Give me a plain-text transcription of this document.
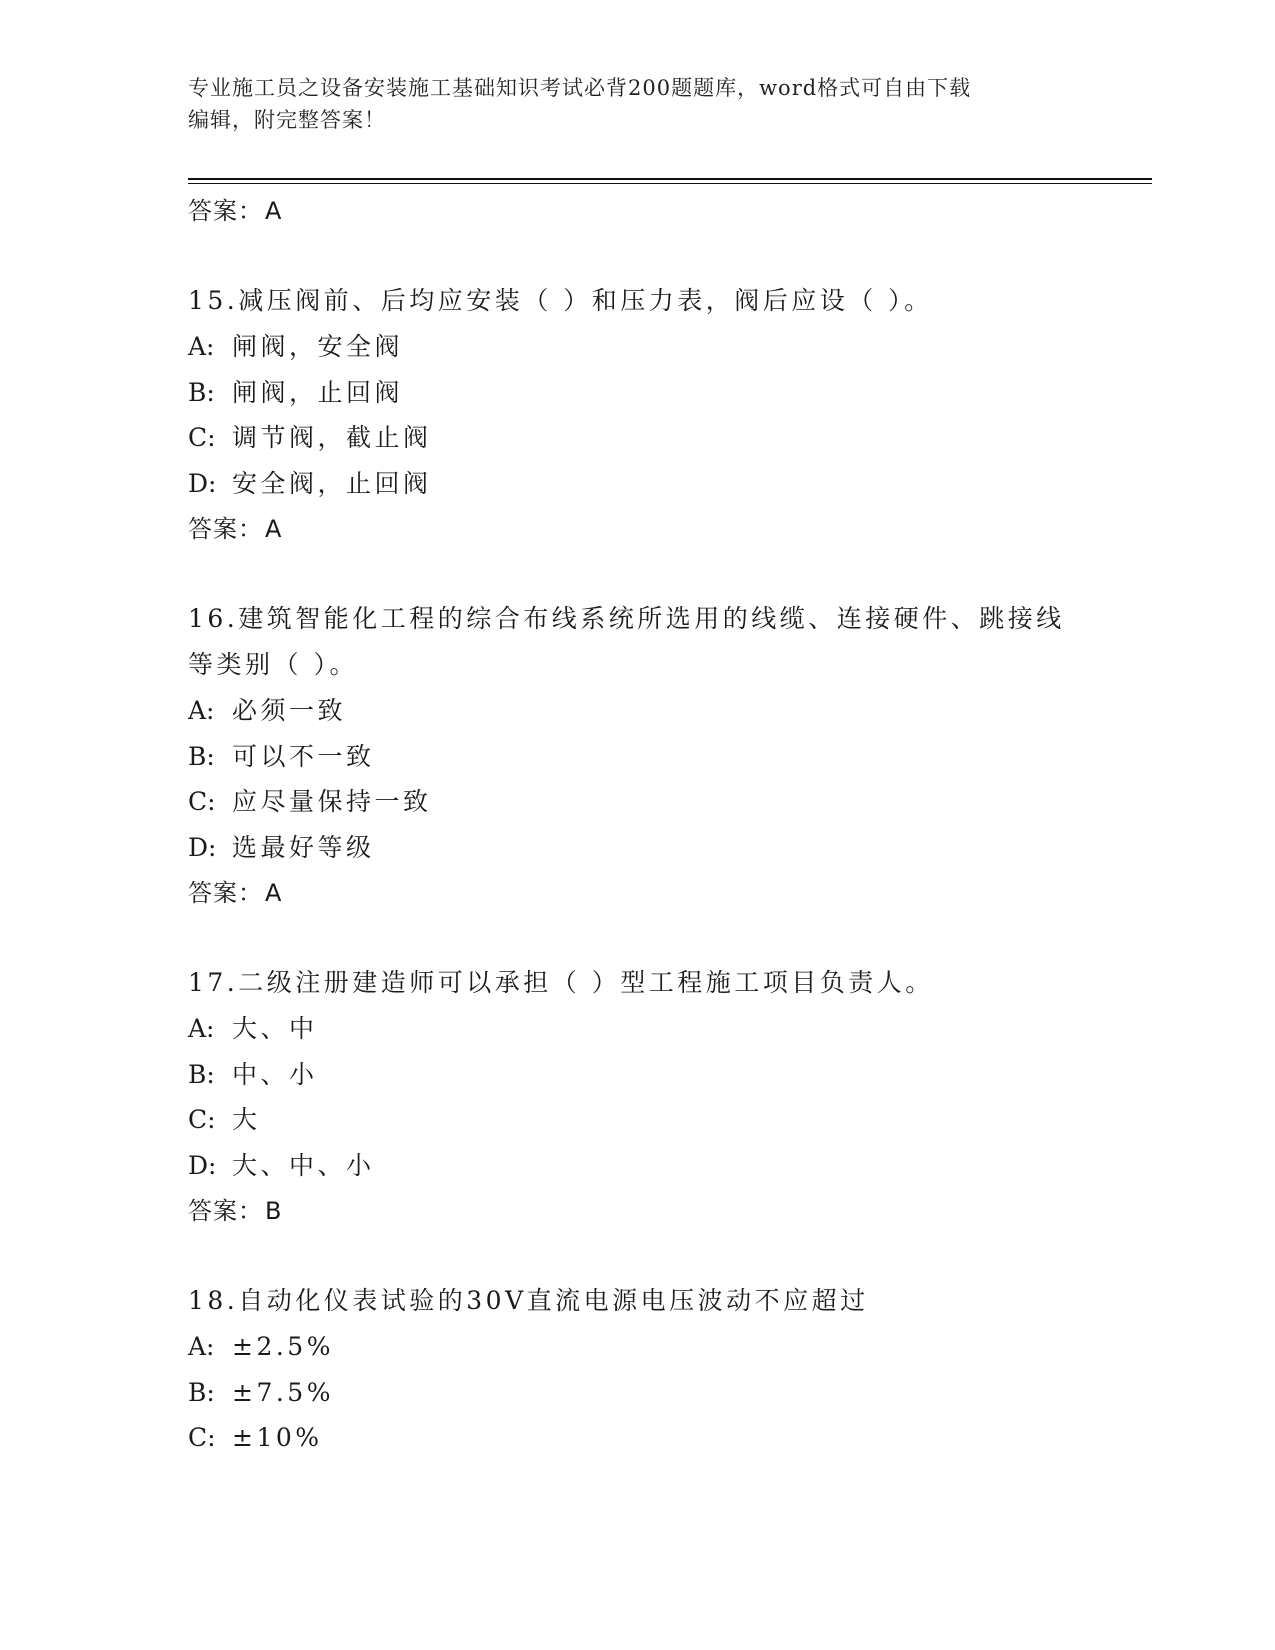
专业施工员之设备安装施工基础知识考试必背200题题库，word格式可自由下载
编辑，附完整答案！
答案：A
15.减压阀前、后均应安装（ ）和压力表，阀后应设（ ）。
A: 闸阀，安全阀
B: 闸阀，止回阀
C: 调节阀，截止阀
D: 安全阀，止回阀
答案：A
16.建筑智能化工程的综合布线系统所选用的线缆、连接硬件、跳接线等类别（ ）。
A: 必须一致
B: 可以不一致
C: 应尽量保持一致
D: 选最好等级
答案：A
17.二级注册建造师可以承担（ ）型工程施工项目负责人。
A: 大、中
B: 中、小
C: 大
D: 大、中、小
答案：B
18.自动化仪表试验的30V直流电源电压波动不应超过
A: ±2.5%
B: ±7.5%
C: ±10%
